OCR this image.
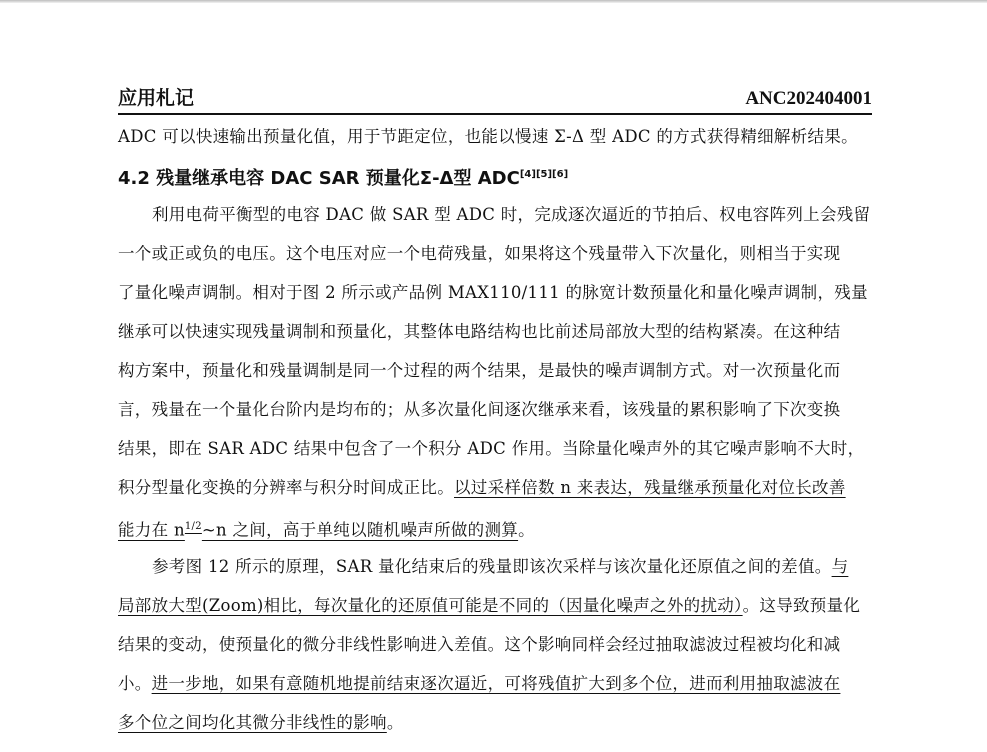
应用札记	ANC202404001
ADC 可以快速输出预量化值，用于节距定位，也能以慢速 Σ-Δ 型 ADC 的方式获得精细解析结果。
4.2 残量继承电容 DAC SAR 预量化Σ-Δ型 ADC[4][5][6]
利用电荷平衡型的电容 DAC 做 SAR 型 ADC 时，完成逐次逼近的节拍后、权电容阵列上会残留
一个或正或负的电压。这个电压对应一个电荷残量，如果将这个残量带入下次量化，则相当于实现
了量化噪声调制。相对于图 2 所示或产品例 MAX110/111 的脉宽计数预量化和量化噪声调制，残量
继承可以快速实现残量调制和预量化，其整体电路结构也比前述局部放大型的结构紧凑。在这种结
构方案中，预量化和残量调制是同一个过程的两个结果，是最快的噪声调制方式。对一次预量化而
言，残量在一个量化台阶内是均布的；从多次量化间逐次继承来看，该残量的累积影响了下次变换
结果，即在 SAR ADC 结果中包含了一个积分 ADC 作用。当除量化噪声外的其它噪声影响不大时，
积分型量化变换的分辨率与积分时间成正比。以过采样倍数 n 来表达，残量继承预量化对位长改善
能力在 $n^{1/2}\sim n$ 之间，高于单纯以随机噪声所做的测算。
参考图 12 所示的原理，SAR 量化结束后的残量即该次采样与该次量化还原值之间的差值。与
局部放大型(Zoom)相比，每次量化的还原值可能是不同的（因量化噪声之外的扰动）。这导致预量化
结果的变动，使预量化的微分非线性影响进入差值。这个影响同样会经过抽取滤波过程被均化和减
小。进一步地，如果有意随机地提前结束逐次逼近，可将残值扩大到多个位，进而利用抽取滤波在
多个位之间均化其微分非线性的影响。
